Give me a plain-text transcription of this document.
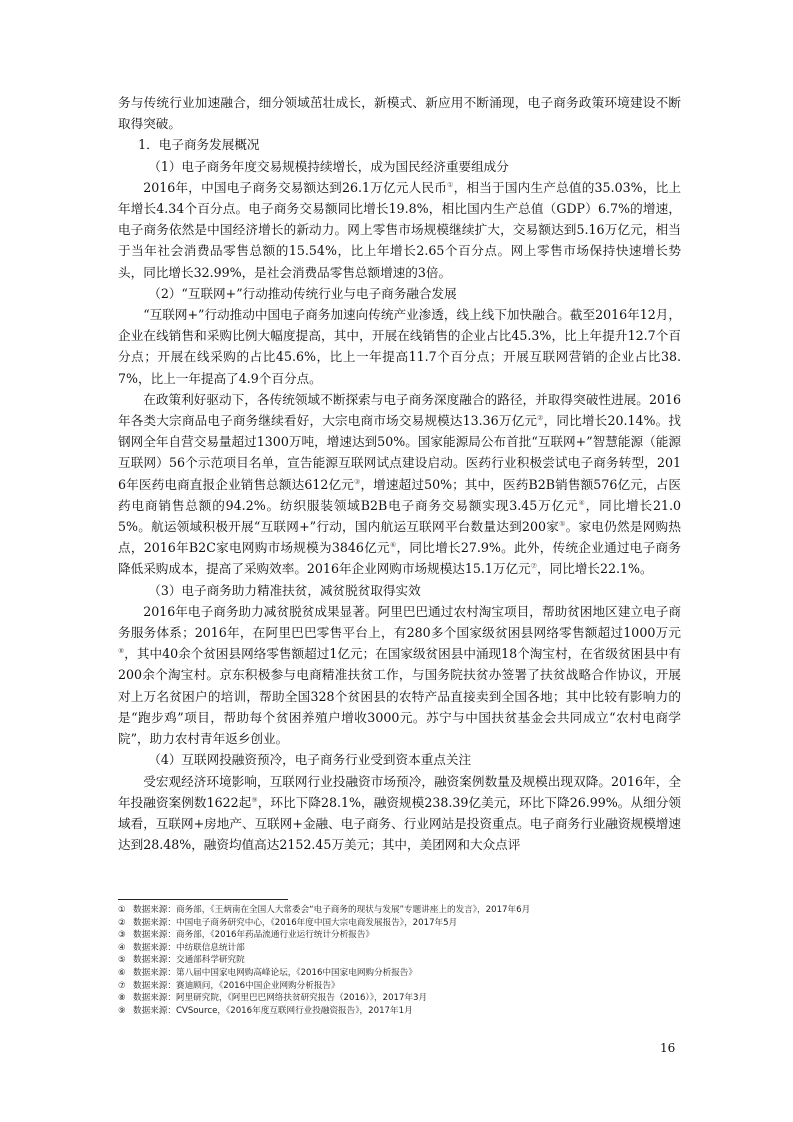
务与传统行业加速融合，细分领域茁壮成长，新模式、新应用不断涌现，电子商务政策环境建设不断取得突破。

1．电子商务发展概况

（1）电子商务年度交易规模持续增长，成为国民经济重要组成分

2016年，中国电子商务交易额达到26.1万亿元人民币①，相当于国内生产总值的35.03%，比上年增长4.34个百分点。电子商务交易额同比增长19.8%，相比国内生产总值（GDP）6.7%的增速，电子商务依然是中国经济增长的新动力。网上零售市场规模继续扩大，交易额达到5.16万亿元，相当于当年社会消费品零售总额的15.54%，比上年增长2.65个百分点。网上零售市场保持快速增长势头，同比增长32.99%，是社会消费品零售总额增速的3倍。

（2）“互联网+”行动推动传统行业与电子商务融合发展

“互联网+”行动推动中国电子商务加速向传统产业渗透，线上线下加快融合。截至2016年12月，企业在线销售和采购比例大幅度提高，其中，开展在线销售的企业占比45.3%，比上年提升12.7个百分点；开展在线采购的占比45.6%，比上一年提高11.7个百分点；开展互联网营销的企业占比38.7%，比上一年提高了4.9个百分点。

在政策利好驱动下，各传统领域不断探索与电子商务深度融合的路径，并取得突破性进展。2016年各类大宗商品电子商务继续看好，大宗电商市场交易规模达13.36万亿元②，同比增长20.14%。找钢网全年自营交易量超过1300万吨，增速达到50%。国家能源局公布首批“互联网+”智慧能源（能源互联网）56个示范项目名单，宣告能源互联网试点建设启动。医药行业积极尝试电子商务转型，2016年医药电商直报企业销售总额达612亿元③，增速超过50%；其中，医药B2B销售额576亿元，占医药电商销售总额的94.2%。纺织服装领域B2B电子商务交易额实现3.45万亿元④，同比增长21.05%。航运领域积极开展“互联网+”行动，国内航运互联网平台数量达到200家⑤。家电仍然是网购热点，2016年B2C家电网购市场规模为3846亿元⑥，同比增长27.9%。此外，传统企业通过电子商务降低采购成本，提高了采购效率。2016年企业网购市场规模达15.1万亿元⑦，同比增长22.1%。

（3）电子商务助力精准扶贫，减贫脱贫取得实效

2016年电子商务助力减贫脱贫成果显著。阿里巴巴通过农村淘宝项目，帮助贫困地区建立电子商务服务体系；2016年，在阿里巴巴零售平台上，有280多个国家级贫困县网络零售额超过1000万元⑧，其中40余个贫困县网络零售额超过1亿元；在国家级贫困县中涌现18个淘宝村，在省级贫困县中有200余个淘宝村。京东积极参与电商精准扶贫工作，与国务院扶贫办签署了扶贫战略合作协议，开展对上万名贫困户的培训，帮助全国328个贫困县的农特产品直接卖到全国各地；其中比较有影响力的是“跑步鸡”项目，帮助每个贫困养殖户增收3000元。苏宁与中国扶贫基金会共同成立“农村电商学院”，助力农村青年返乡创业。

（4）互联网投融资预冷，电子商务行业受到资本重点关注

受宏观经济环境影响，互联网行业投融资市场预冷，融资案例数量及规模出现双降。2016年，全年投融资案例数1622起⑨，环比下降28.1%，融资规模238.39亿美元，环比下降26.99%。从细分领域看，互联网+房地产、互联网+金融、电子商务、行业网站是投资重点。电子商务行业融资规模增速达到28.48%，融资均值高达2152.45万美元；其中，美团网和大众点评

① 数据来源：商务部，《王炳南在全国人大常委会“电子商务的现状与发展”专题讲座上的发言》，2017年6月

② 数据来源：中国电子商务研究中心，《2016年度中国大宗电商发展报告》，2017年5月

③ 数据来源：商务部，《2016年药品流通行业运行统计分析报告》

④ 数据来源：中纺联信息统计部

⑤ 数据来源：交通部科学研究院

⑥ 数据来源：第八届中国家电网购高峰论坛，《2016中国家电网购分析报告》

⑦ 数据来源：赛迪顾问，《2016中国企业网购分析报告》

⑧ 数据来源：阿里研究院，《阿里巴巴网络扶贫研究报告（2016）》，2017年3月

⑨ 数据来源：CVSource，《2016年度互联网行业投融资报告》，2017年1月

16
